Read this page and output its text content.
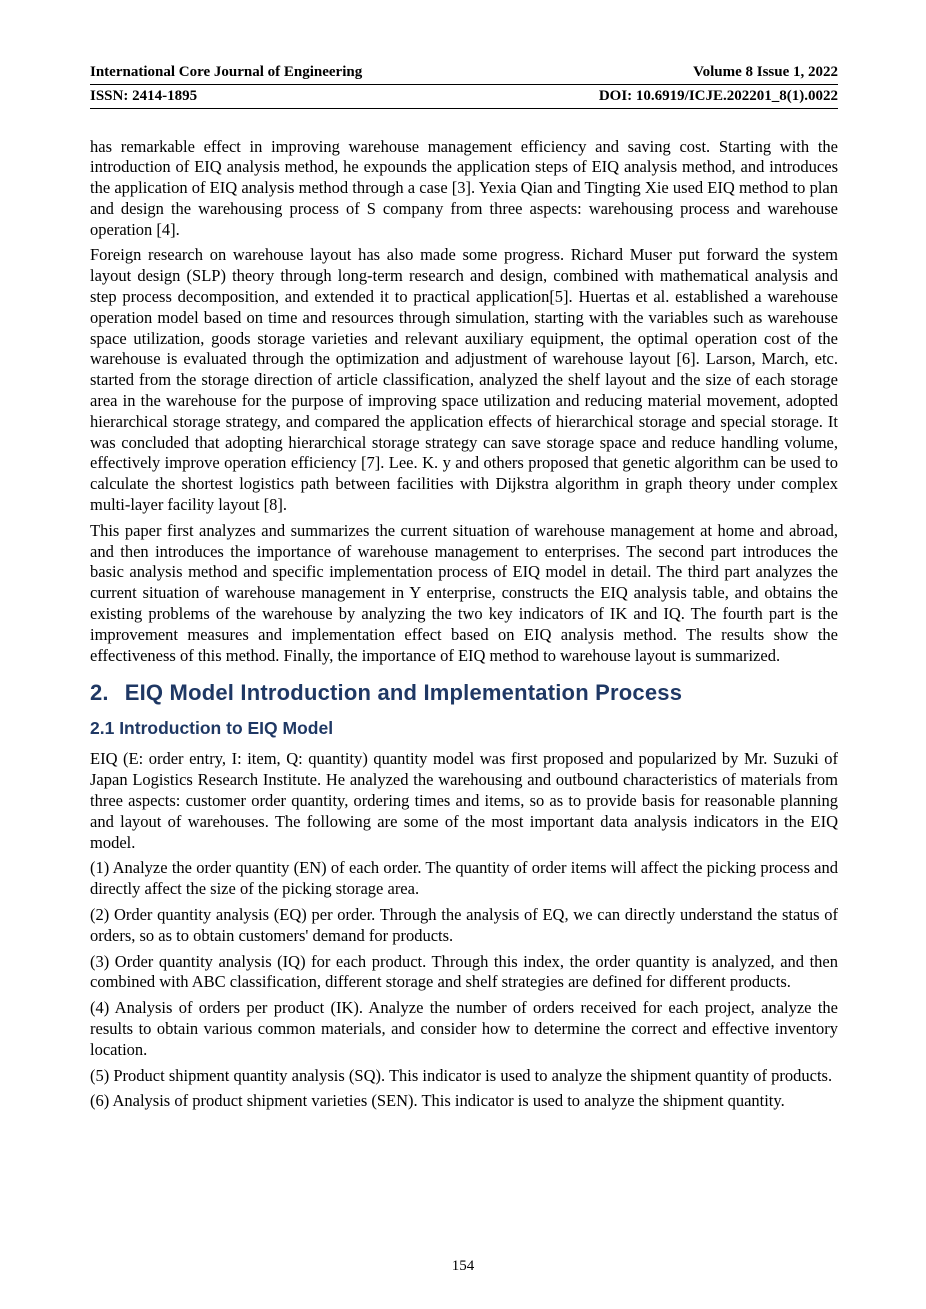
International Core Journal of Engineering	Volume 8 Issue 1, 2022
ISSN: 2414-1895	DOI: 10.6919/ICJE.202201_8(1).0022

has remarkable effect in improving warehouse management efficiency and saving cost. Starting with the introduction of EIQ analysis method, he expounds the application steps of EIQ analysis method, and introduces the application of EIQ analysis method through a case [3]. Yexia Qian and Tingting Xie used EIQ method to plan and design the warehousing process of S company from three aspects: warehousing process and warehouse operation [4].

Foreign research on warehouse layout has also made some progress. Richard Muser put forward the system layout design (SLP) theory through long-term research and design, combined with mathematical analysis and step process decomposition, and extended it to practical application[5]. Huertas et al. established a warehouse operation model based on time and resources through simulation, starting with the variables such as warehouse space utilization, goods storage varieties and relevant auxiliary equipment, the optimal operation cost of the warehouse is evaluated through the optimization and adjustment of warehouse layout [6]. Larson, March, etc. started from the storage direction of article classification, analyzed the shelf layout and the size of each storage area in the warehouse for the purpose of improving space utilization and reducing material movement, adopted hierarchical storage strategy, and compared the application effects of hierarchical storage and special storage. It was concluded that adopting hierarchical storage strategy can save storage space and reduce handling volume, effectively improve operation efficiency [7]. Lee. K. y and others proposed that genetic algorithm can be used to calculate the shortest logistics path between facilities with Dijkstra algorithm in graph theory under complex multi-layer facility layout [8].

This paper first analyzes and summarizes the current situation of warehouse management at home and abroad, and then introduces the importance of warehouse management to enterprises. The second part introduces the basic analysis method and specific implementation process of EIQ model in detail. The third part analyzes the current situation of warehouse management in Y enterprise, constructs the EIQ analysis table, and obtains the existing problems of the warehouse by analyzing the two key indicators of IK and IQ. The fourth part is the improvement measures and implementation effect based on EIQ analysis method. The results show the effectiveness of this method. Finally, the importance of EIQ method to warehouse layout is summarized.

2. EIQ Model Introduction and Implementation Process
2.1 Introduction to EIQ Model

EIQ (E: order entry, I: item, Q: quantity) quantity model was first proposed and popularized by Mr. Suzuki of Japan Logistics Research Institute. He analyzed the warehousing and outbound characteristics of materials from three aspects: customer order quantity, ordering times and items, so as to provide basis for reasonable planning and layout of warehouses. The following are some of the most important data analysis indicators in the EIQ model.

(1) Analyze the order quantity (EN) of each order. The quantity of order items will affect the picking process and directly affect the size of the picking storage area.

(2) Order quantity analysis (EQ) per order. Through the analysis of EQ, we can directly understand the status of orders, so as to obtain customers' demand for products.

(3) Order quantity analysis (IQ) for each product. Through this index, the order quantity is analyzed, and then combined with ABC classification, different storage and shelf strategies are defined for different products.

(4) Analysis of orders per product (IK). Analyze the number of orders received for each project, analyze the results to obtain various common materials, and consider how to determine the correct and effective inventory location.

(5) Product shipment quantity analysis (SQ). This indicator is used to analyze the shipment quantity of products.

(6) Analysis of product shipment varieties (SEN). This indicator is used to analyze the shipment quantity.

154
